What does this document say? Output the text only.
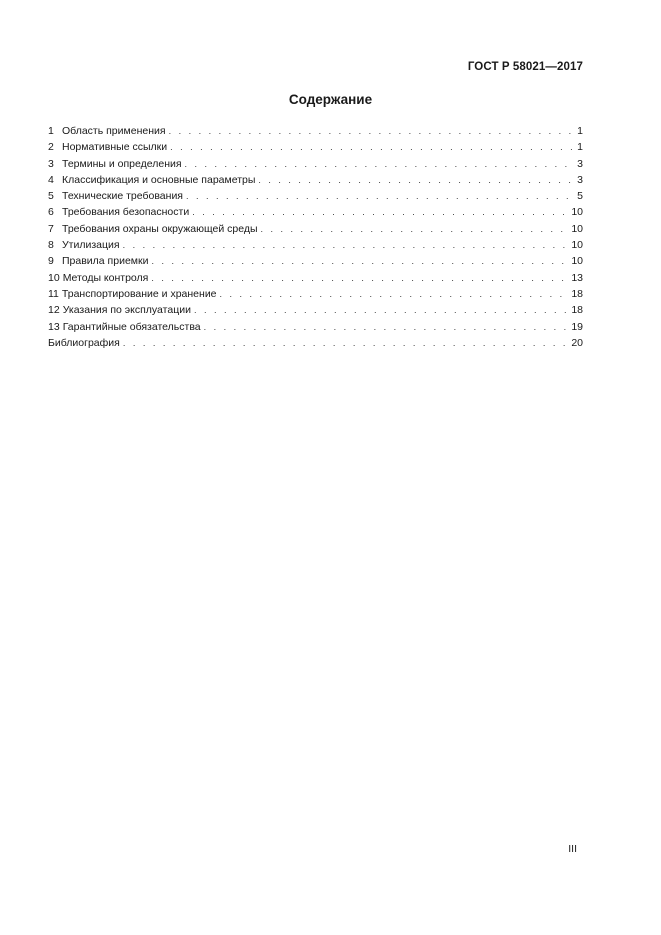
ГОСТ Р 58021—2017
Содержание
1 Область применения . . .	1
2 Нормативные ссылки . . .	1
3 Термины и определения . . .	3
4 Классификация и основные параметры . . .	3
5 Технические требования . . .	5
6 Требования безопасности . . .	10
7 Требования охраны окружающей среды . . .	10
8 Утилизация . . .	10
9 Правила приемки . . .	10
10 Методы контроля . . .	13
11 Транспортирование и хранение . . .	18
12 Указания по эксплуатации . . .	18
13 Гарантийные обязательства . . .	19
Библиография . . .	20
III
